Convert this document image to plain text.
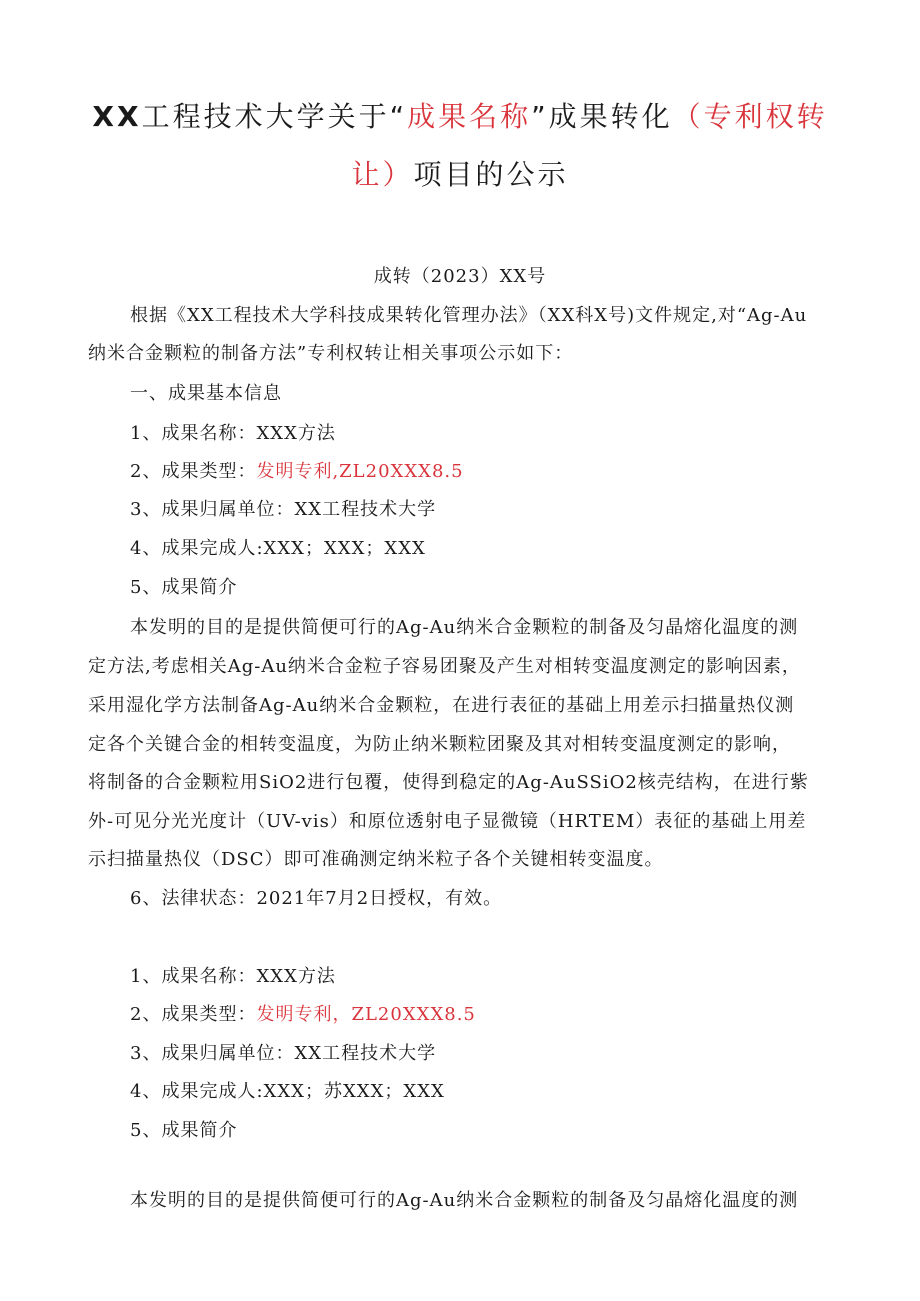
XX工程技术大学关于“成果名称”成果转化（专利权转
让）项目的公示
成转（2023）XX号
根据《XX工程技术大学科技成果转化管理办法》（XX科X号)文件规定,对“Ag-Au
纳米合金颗粒的制备方法”专利权转让相关事项公示如下：
一、成果基本信息
1、成果名称：XXX方法
2、成果类型：发明专利,ZL20XXX8.5
3、成果归属单位：XX工程技术大学
4、成果完成人:XXX；XXX；XXX
5、成果简介
本发明的目的是提供简便可行的Ag-Au纳米合金颗粒的制备及匀晶熔化温度的测
定方法,考虑相关Ag-Au纳米合金粒子容易团聚及产生对相转变温度测定的影响因素，
采用湿化学方法制备Ag-Au纳米合金颗粒，在进行表征的基础上用差示扫描量热仪测
定各个关键合金的相转变温度，为防止纳米颗粒团聚及其对相转变温度测定的影响，
将制备的合金颗粒用SiO2进行包覆，使得到稳定的Ag-AuSSiO2核壳结构，在进行紫
外-可见分光光度计（UV-vis）和原位透射电子显微镜（HRTEM）表征的基础上用差
示扫描量热仪（DSC）即可准确测定纳米粒子各个关键相转变温度。
6、法律状态：2021年7月2日授权，有效。
1、成果名称：XXX方法
2、成果类型：发明专利，ZL20XXX8.5
3、成果归属单位：XX工程技术大学
4、成果完成人:XXX；苏XXX；XXX
5、成果简介
本发明的目的是提供简便可行的Ag-Au纳米合金颗粒的制备及匀晶熔化温度的测
